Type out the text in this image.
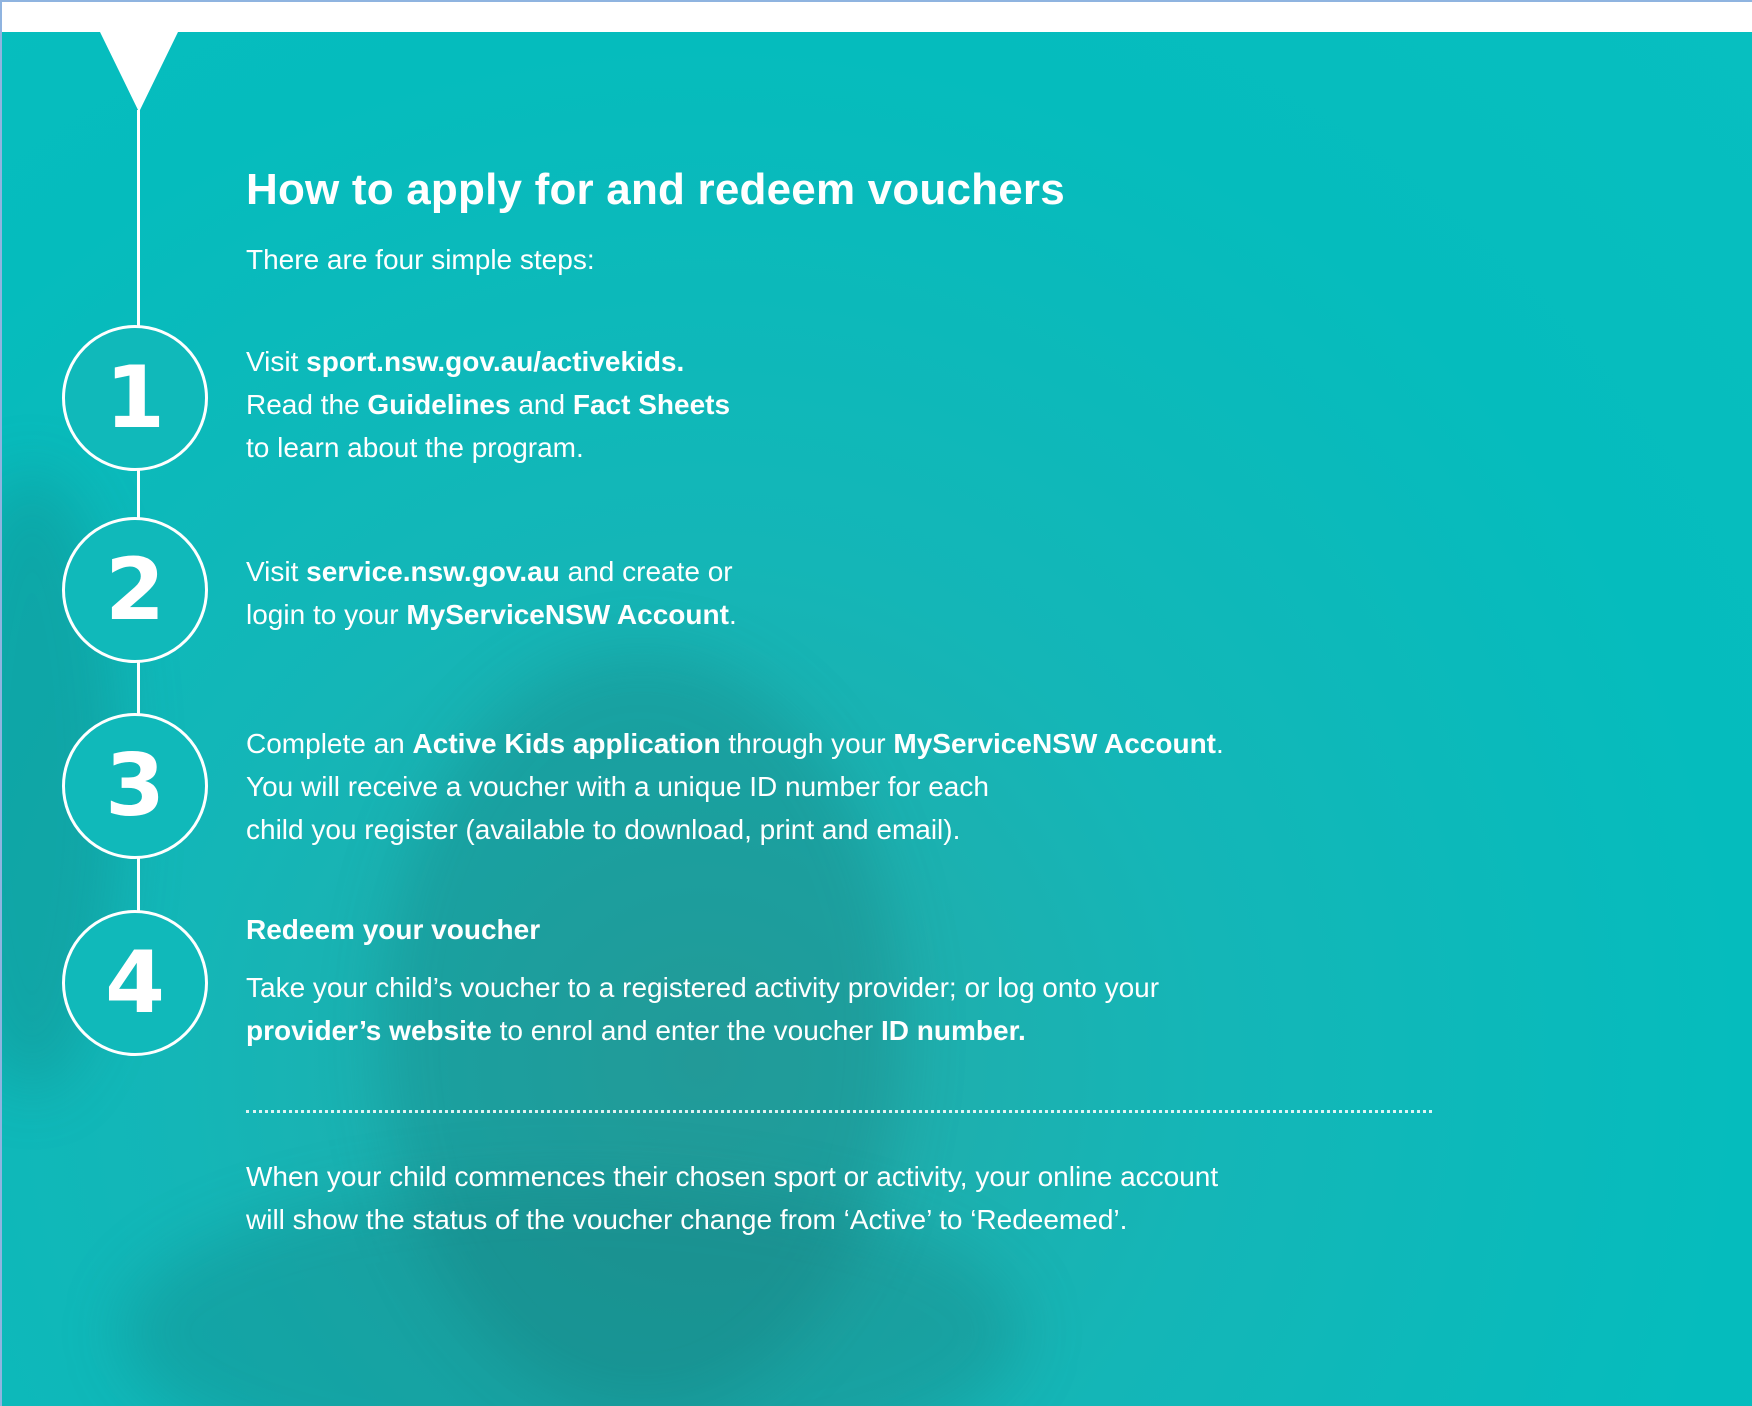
How to apply for and redeem vouchers
There are four simple steps:
1	Visit sport.nsw.gov.au/activekids.
Read the Guidelines and Fact Sheets
to learn about the program.
2	Visit service.nsw.gov.au and create or
login to your MyServiceNSW Account.
3	Complete an Active Kids application through your MyServiceNSW Account.
You will receive a voucher with a unique ID number for each
child you register (available to download, print and email).
4
Redeem your voucher
Take your child’s voucher to a registered activity provider; or log onto your
provider’s website to enrol and enter the voucher ID number.
When your child commences their chosen sport or activity, your online account
will show the status of the voucher change from ‘Active’ to ‘Redeemed’.
